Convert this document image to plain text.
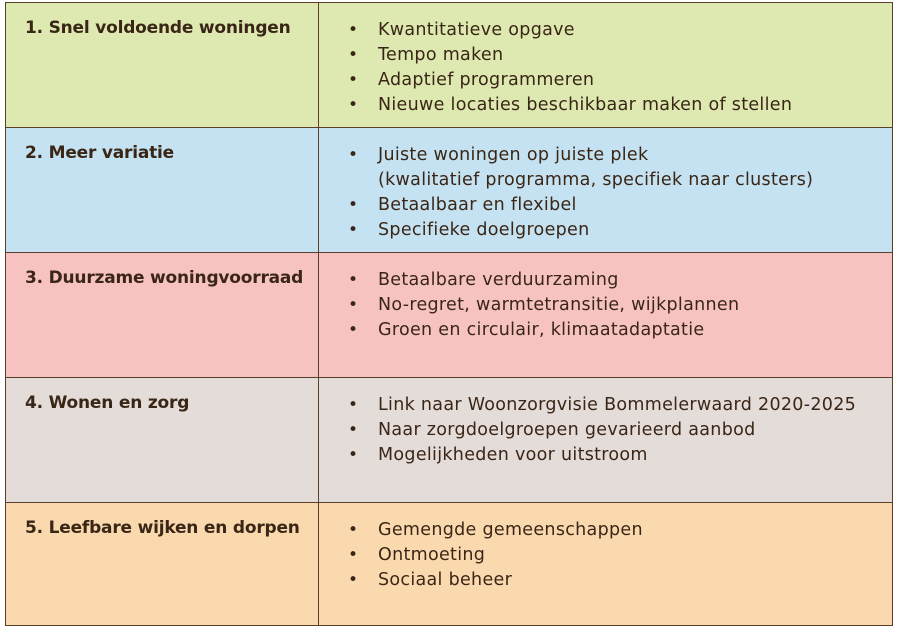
1. Snel voldoende woningen	•	Kwantitatieve opgave
•	Tempo maken
•	Adaptief programmeren
•	Nieuwe locaties beschikbaar maken of stellen
2. Meer variatie	•	Juiste woningen op juiste plek
(kwalitatief programma, specifiek naar clusters)
•	Betaalbaar en flexibel
•	Specifieke doelgroepen
3. Duurzame woningvoorraad	•	Betaalbare verduurzaming
•	No-regret, warmtetransitie, wijkplannen
•	Groen en circulair, klimaatadaptatie
4. Wonen en zorg	•	Link naar Woonzorgvisie Bommelerwaard 2020-2025
•	Naar zorgdoelgroepen gevarieerd aanbod
•	Mogelijkheden voor uitstroom
5. Leefbare wijken en dorpen	•	Gemengde gemeenschappen
•	Ontmoeting
•	Sociaal beheer
